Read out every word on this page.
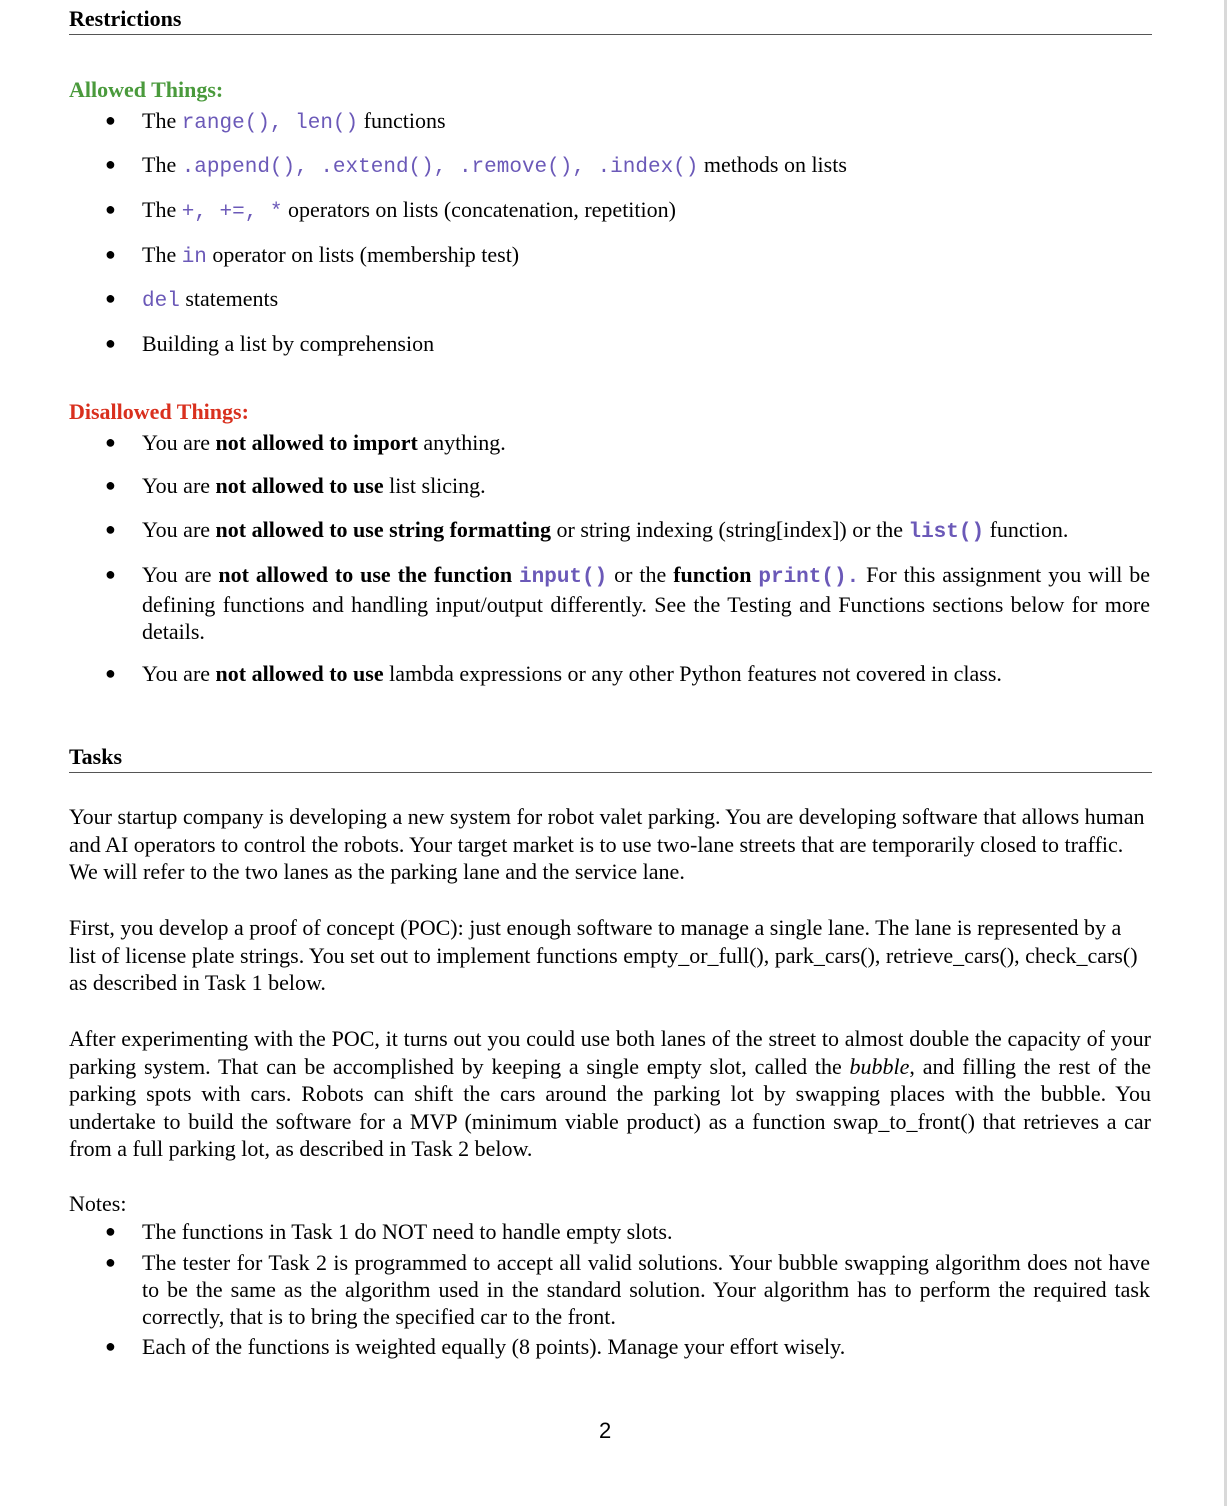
Restrictions
Allowed Things:
● The range(), len() functions
● The .append(), .extend(), .remove(), .index() methods on lists
● The +, +=, * operators on lists (concatenation, repetition)
● The in operator on lists (membership test)
● del statements
● Building a list by comprehension
Disallowed Things:
● You are not allowed to import anything.
● You are not allowed to use list slicing.
● You are not allowed to use string formatting or string indexing (string[index]) or the list() function.
● You are not allowed to use the function input() or the function print(). For this assignment you will be defining functions and handling input/output differently. See the Testing and Functions sections below for more details.
● You are not allowed to use lambda expressions or any other Python features not covered in class.
Tasks
Your startup company is developing a new system for robot valet parking. You are developing software that allows human and AI operators to control the robots. Your target market is to use two-lane streets that are temporarily closed to traffic. We will refer to the two lanes as the parking lane and the service lane.
First, you develop a proof of concept (POC): just enough software to manage a single lane. The lane is represented by a list of license plate strings. You set out to implement functions empty_or_full(), park_cars(), retrieve_cars(), check_cars() as described in Task 1 below.
After experimenting with the POC, it turns out you could use both lanes of the street to almost double the capacity of your parking system. That can be accomplished by keeping a single empty slot, called the bubble, and filling the rest of the parking spots with cars. Robots can shift the cars around the parking lot by swapping places with the bubble. You undertake to build the software for a MVP (minimum viable product) as a function swap_to_front() that retrieves a car from a full parking lot, as described in Task 2 below.
Notes:
● The functions in Task 1 do NOT need to handle empty slots.
● The tester for Task 2 is programmed to accept all valid solutions. Your bubble swapping algorithm does not have to be the same as the algorithm used in the standard solution. Your algorithm has to perform the required task correctly, that is to bring the specified car to the front.
● Each of the functions is weighted equally (8 points). Manage your effort wisely.
2
